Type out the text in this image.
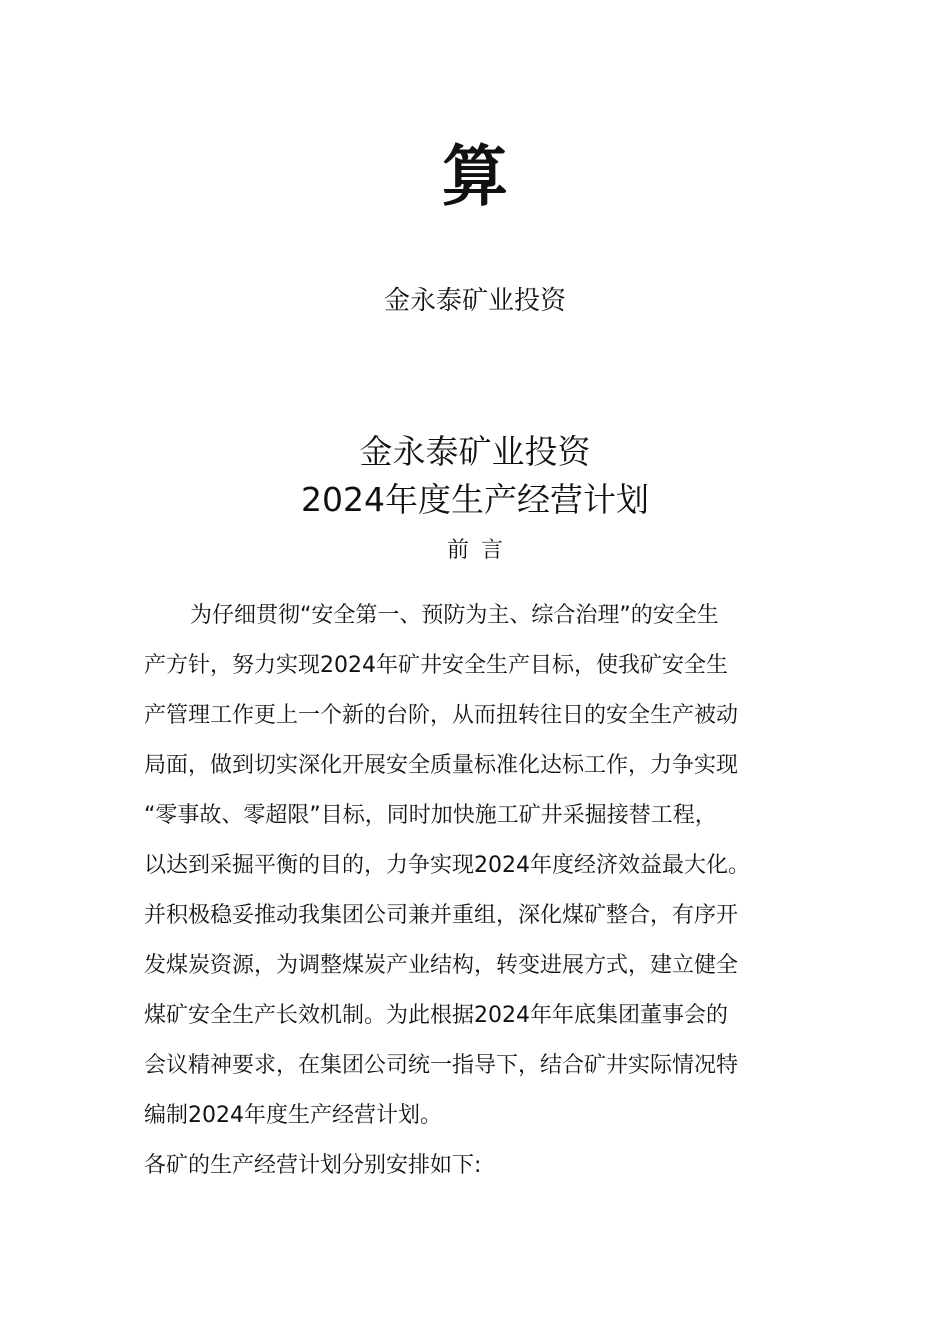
算
金永泰矿业投资
金永泰矿业投资
2024年度生产经营计划
前言
为仔细贯彻“安全第一、预防为主、综合治理”的安全生
产方针，努力实现2024年矿井安全生产目标，使我矿安全生
产管理工作更上一个新的台阶，从而扭转往日的安全生产被动
局面，做到切实深化开展安全质量标准化达标工作，力争实现
“零事故、零超限”目标，同时加快施工矿井采掘接替工程，
以达到采掘平衡的目的，力争实现2024年度经济效益最大化。
并积极稳妥推动我集团公司兼并重组，深化煤矿整合，有序开
发煤炭资源，为调整煤炭产业结构，转变进展方式，建立健全
煤矿安全生产长效机制。为此根据2024年年底集团董事会的
会议精神要求，在集团公司统一指导下，结合矿井实际情况特
编制2024年度生产经营计划。
各矿的生产经营计划分别安排如下:
